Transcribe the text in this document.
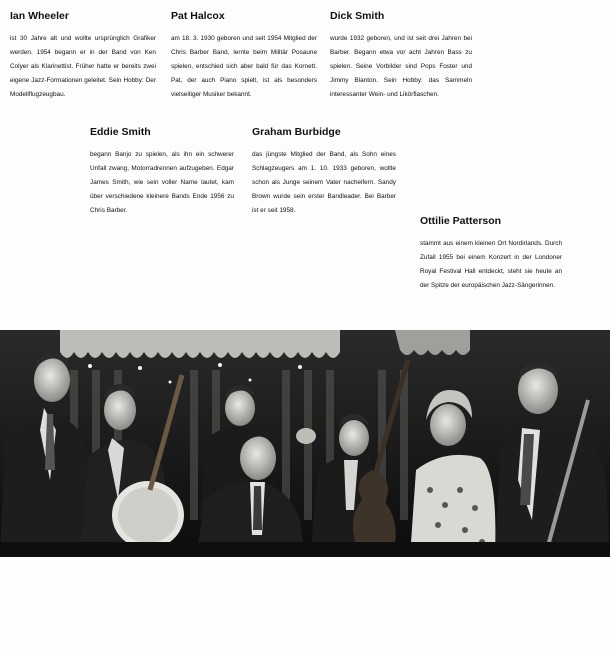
Ian Wheeler

ist 30 Jahre alt und wollte ursprünglich Grafiker werden. 1954 begann er in der Band von Ken Colyer als Klarinettist. Früher hatte er bereits zwei eigene Jazz-Formationen geleitet. Sein Hobby: Der Modellflugzeugbau.

Pat Halcox

am 18. 3. 1930 geboren und seit 1954 Mitglied der Chris Barber Band, lernte beim Militär Posaune spielen, entschied sich aber bald für das Kornett. Pat, der auch Piano spielt, ist als besonders vielseitiger Musiker bekannt.

Dick Smith

wurde 1932 geboren, und ist seit drei Jahren bei Barber. Begann etwa vor acht Jahren Bass zu spielen. Seine Vorbilder sind Pops Foster und Jimmy Blanton. Sein Hobby: das Sammeln interessanter Wein- und Likörflaschen.

Eddie Smith

begann Banjo zu spielen, als ihn ein schwerer Unfall zwang, Motorradrennen aufzugeben. Edgar James Smith, wie sein voller Name lautet, kam über verschiedene kleinere Bands Ende 1956 zu Chris Barber.

Graham Burbidge

das jüngste Mitglied der Band, als Sohn eines Schlagzeugers am 1. 10. 1933 geboren, wollte schon als Junge seinem Vater nacheifern. Sandy Brown wurde sein erster Bandleader. Bei Barber ist er seit 1958.

Ottilie Patterson

stammt aus einem kleinen Ort Nordirlands. Durch Zufall 1955 bei einem Konzert in der Londoner Royal Festival Hall entdeckt, steht sie heute an der Spitze der europäischen Jazz-Sängerinnen.
